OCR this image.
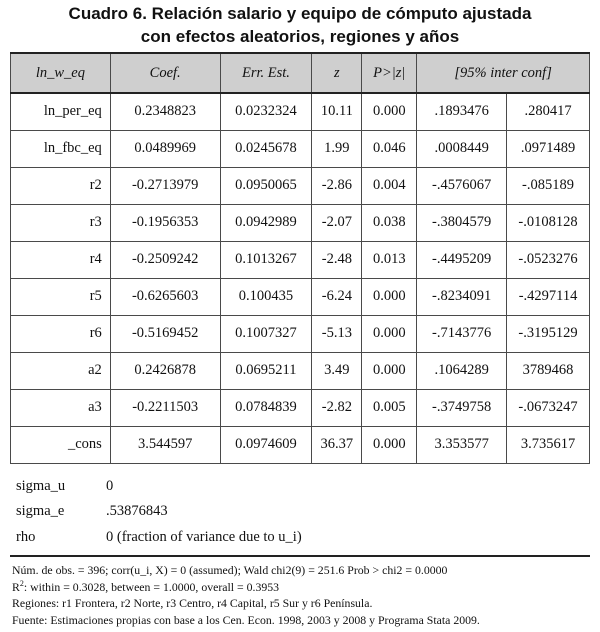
Cuadro 6. Relación salario y equipo de cómputo ajustada
con efectos aleatorios, regiones y años
ln_w_eq	Coef.	Err. Est.	z	P>|z|	[95% inter conf]	
ln_per_eq	0.2348823	0.0232324	10.11	0.000	.1893476	.280417
ln_fbc_eq	0.0489969	0.0245678	1.99	0.046	.0008449	.0971489
r2	-0.2713979	0.0950065	-2.86	0.004	-.4576067	-.085189
r3	-0.1956353	0.0942989	-2.07	0.038	-.3804579	-.0108128
r4	-0.2509242	0.1013267	-2.48	0.013	-.4495209	-.0523276
r5	-0.6265603	0.100435	-6.24	0.000	-.8234091	-.4297114
r6	-0.5169452	0.1007327	-5.13	0.000	-.7143776	-.3195129
a2	0.2426878	0.0695211	3.49	0.000	.1064289	3789468
a3	-0.2211503	0.0784839	-2.82	0.005	-.3749758	-.0673247
_cons	3.544597	0.0974609	36.37	0.000	3.353577	3.735617
sigma_u	0
sigma_e	.53876843
rho	0 (fraction of variance due to u_i)
Núm. de obs. = 396; corr(u_i, X) = 0 (assumed); Wald chi2(9) = 251.6 Prob > chi2 = 0.0000
$R^2$: within = 0.3028, between = 1.0000, overall = 0.3953
Regiones: r1 Frontera, r2 Norte, r3 Centro, r4 Capital, r5 Sur y r6 Península.
Fuente: Estimaciones propias con base a los Cen. Econ. 1998, 2003 y 2008 y Programa Stata 2009.
